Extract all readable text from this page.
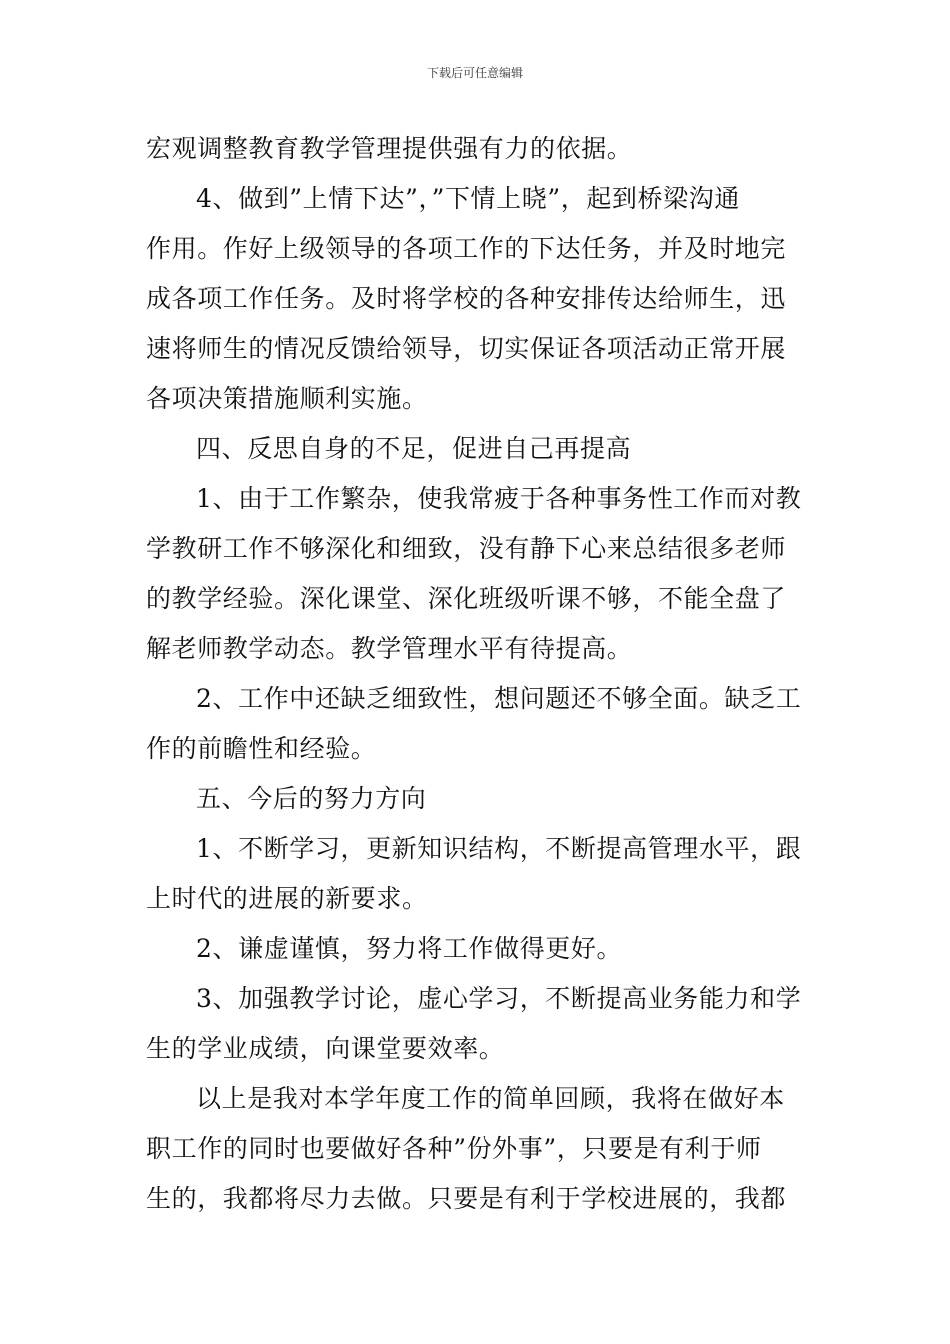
下载后可任意编辑
宏观调整教育教学管理提供强有力的依据。
4、做到”上情下达”，”下情上晓”，起到桥梁沟通
作用。作好上级领导的各项工作的下达任务，并及时地完
成各项工作任务。及时将学校的各种安排传达给师生，迅
速将师生的情况反馈给领导，切实保证各项活动正常开展
各项决策措施顺利实施。
四、反思自身的不足，促进自己再提高
1、由于工作繁杂，使我常疲于各种事务性工作而对教
学教研工作不够深化和细致，没有静下心来总结很多老师
的教学经验。深化课堂、深化班级听课不够，不能全盘了
解老师教学动态。教学管理水平有待提高。
2、工作中还缺乏细致性，想问题还不够全面。缺乏工
作的前瞻性和经验。
五、今后的努力方向
1、不断学习，更新知识结构，不断提高管理水平，跟
上时代的进展的新要求。
2、谦虚谨慎，努力将工作做得更好。
3、加强教学讨论，虚心学习，不断提高业务能力和学
生的学业成绩，向课堂要效率。
以上是我对本学年度工作的简单回顾，我将在做好本
职工作的同时也要做好各种”份外事”，只要是有利于师
生的，我都将尽力去做。只要是有利于学校进展的，我都
